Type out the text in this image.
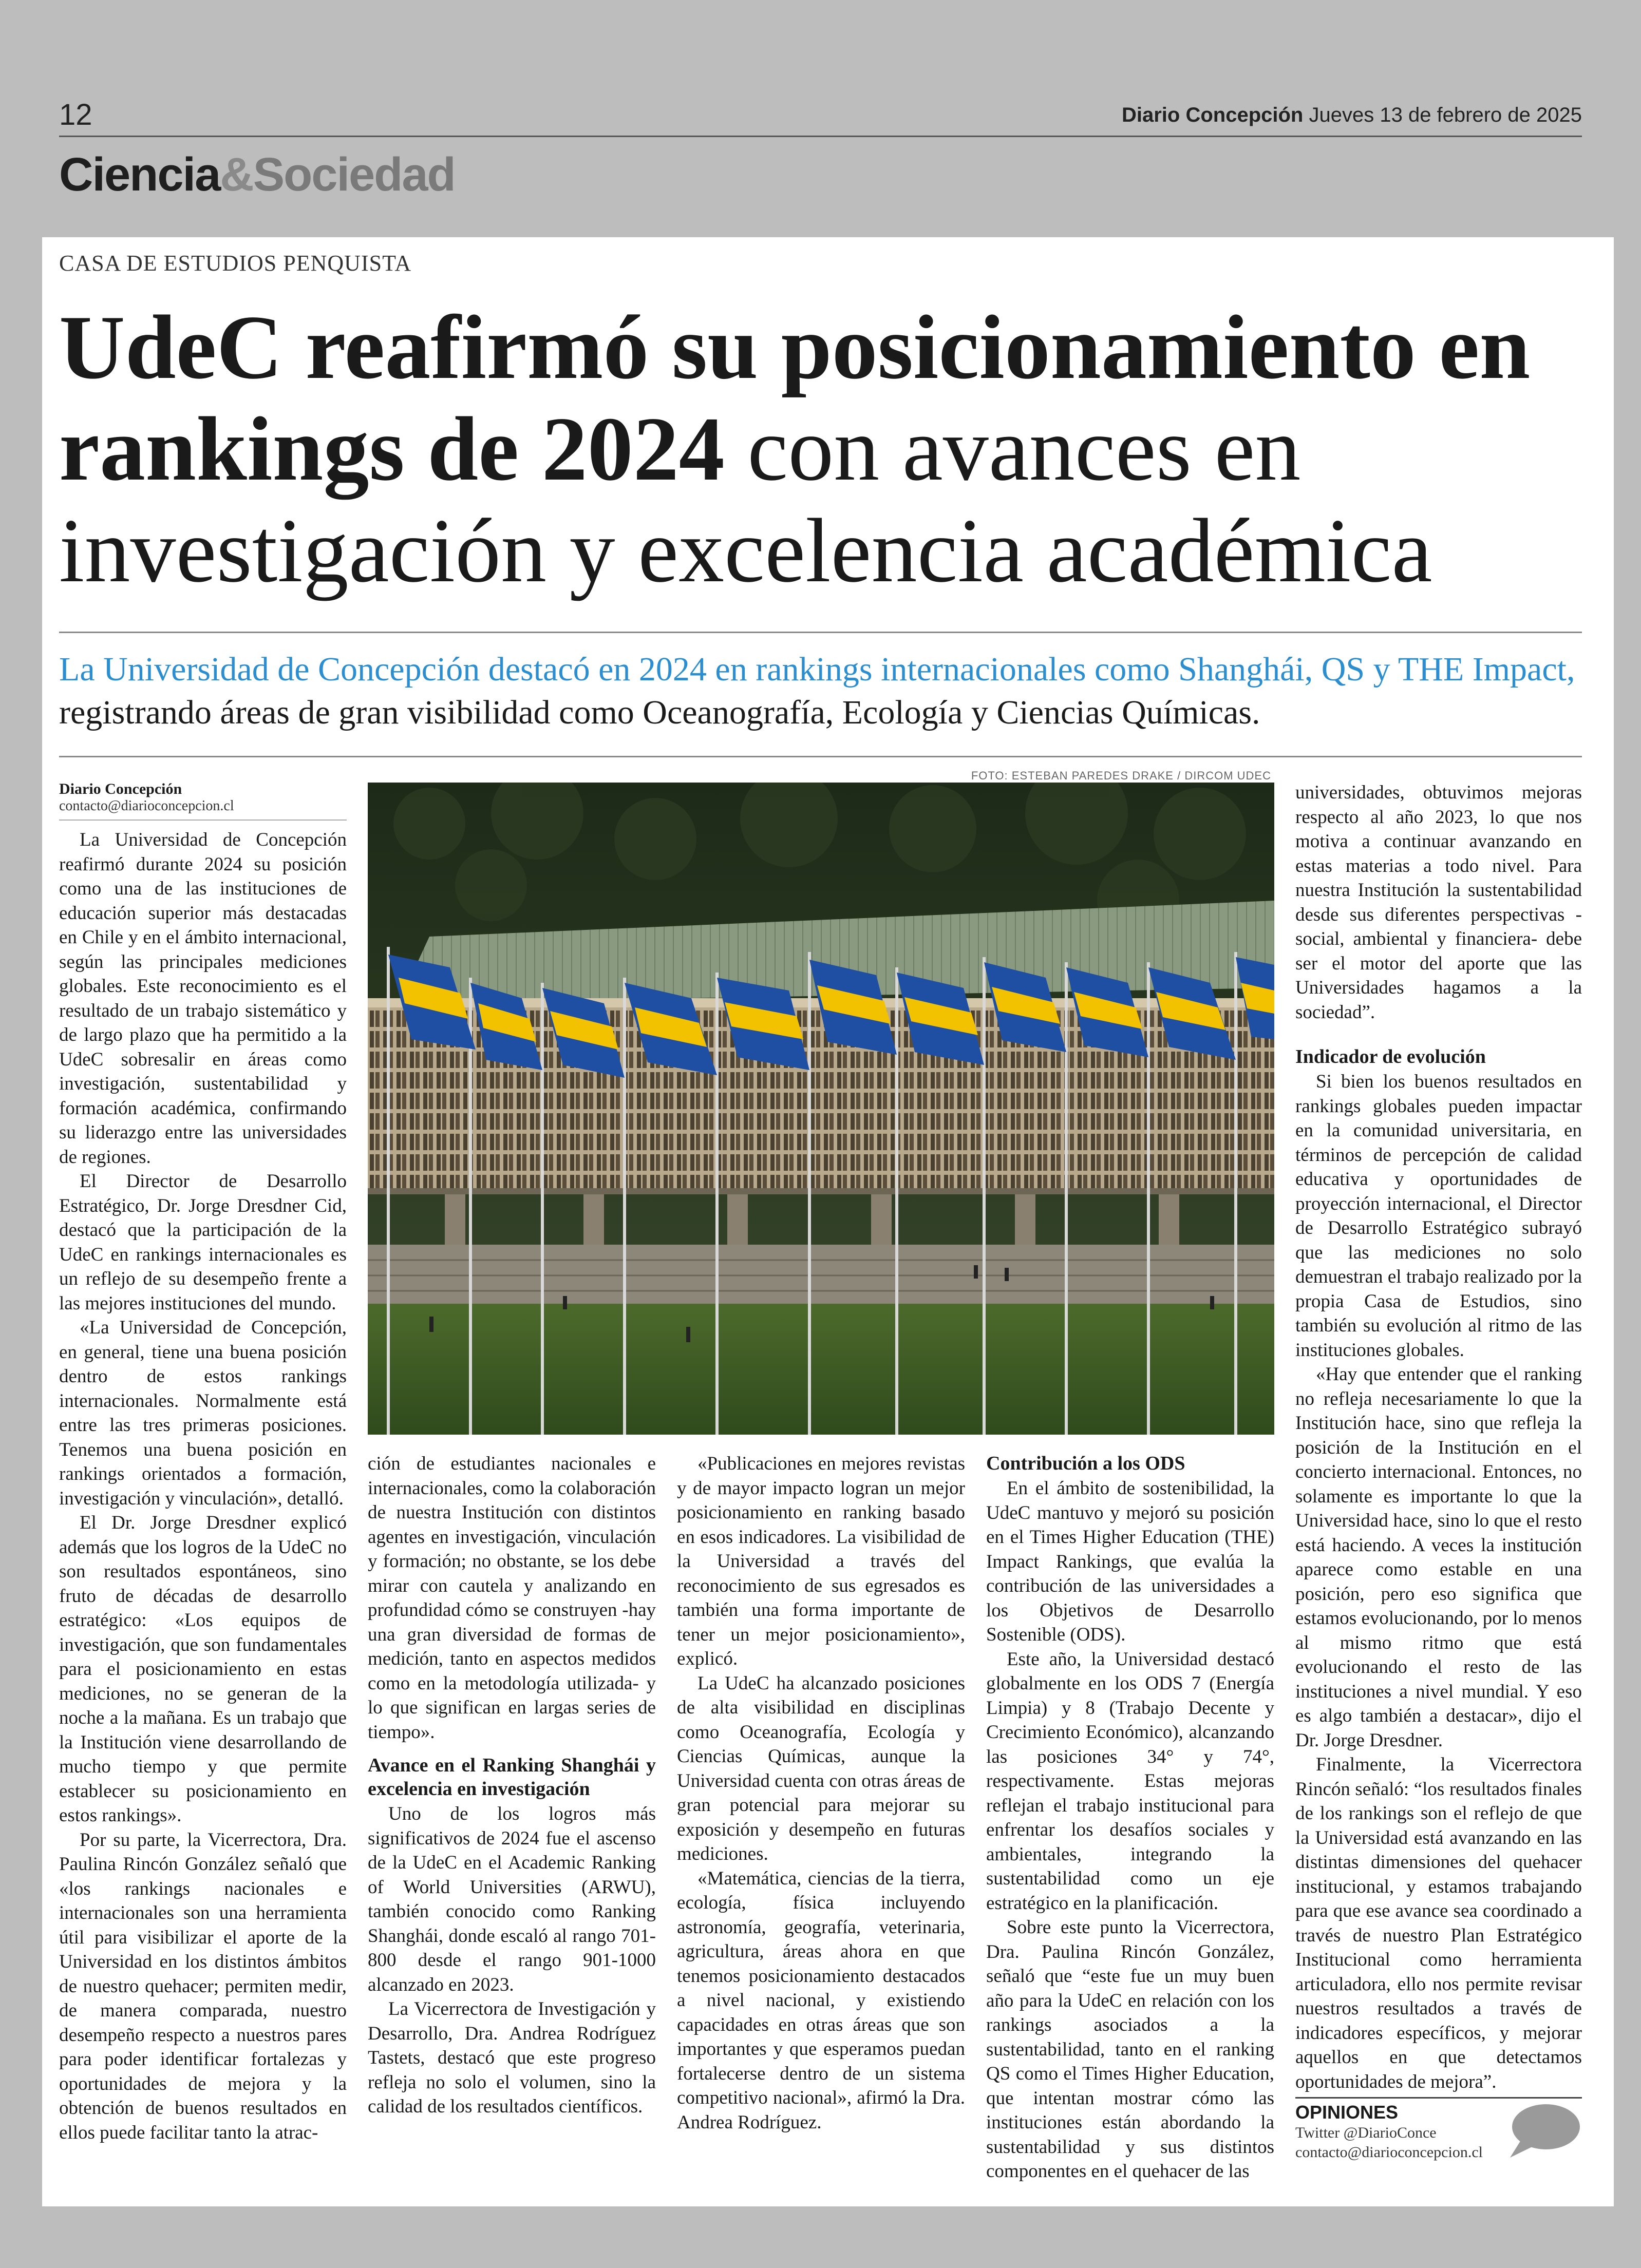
12	Diario Concepción Jueves 13 de febrero de 2025
Ciencia&Sociedad
CASA DE ESTUDIOS PENQUISTA
UdeC reafirmó su posicionamiento en rankings de 2024 con avances en investigación y excelencia académica
La Universidad de Concepción destacó en 2024 en rankings internacionales como Shanghái, QS y THE Impact, registrando áreas de gran visibilidad como Oceanografía, Ecología y Ciencias Químicas.
Diario Concepción
contacto@diarioconcepcion.cl

La Universidad de Concepción reafirmó durante 2024 su posición como una de las instituciones de educación superior más destacadas en Chile y en el ámbito internacional, según las principales mediciones globales. Este reconocimiento es el resultado de un trabajo sistemático y de largo plazo que ha permitido a la UdeC sobresalir en áreas como investigación, sustentabilidad y formación académica, confirmando su liderazgo entre las universidades de regiones.

El Director de Desarrollo Estratégico, Dr. Jorge Dresdner Cid, destacó que la participación de la UdeC en rankings internacionales es un reflejo de su desempeño frente a las mejores instituciones del mundo.

«La Universidad de Concepción, en general, tiene una buena posición dentro de estos rankings internacionales. Normalmente está entre las tres primeras posiciones. Tenemos una buena posición en rankings orientados a formación, investigación y vinculación», detalló.

El Dr. Jorge Dresdner explicó además que los logros de la UdeC no son resultados espontáneos, sino fruto de décadas de desarrollo estratégico: «Los equipos de investigación, que son fundamentales para el posicionamiento en estas mediciones, no se generan de la noche a la mañana. Es un trabajo que la Institución viene desarrollando de mucho tiempo y que permite establecer su posicionamiento en estos rankings».

Por su parte, la Vicerrectora, Dra. Paulina Rincón González señaló que «los rankings nacionales e internacionales son una herramienta útil para visibilizar el aporte de la Universidad en los distintos ámbitos de nuestro quehacer; permiten medir, de manera comparada, nuestro desempeño respecto a nuestros pares para poder identificar fortalezas y oportunidades de mejora y la obtención de buenos resultados en ellos puede facilitar tanto la atrac-

FOTO: ESTEBAN PAREDES DRAKE / DIRCOM UDEC

ción de estudiantes nacionales e internacionales, como la colaboración de nuestra Institución con distintos agentes en investigación, vinculación y formación; no obstante, se los debe mirar con cautela y analizando en profundidad cómo se construyen -hay una gran diversidad de formas de medición, tanto en aspectos medidos como en la metodología utilizada- y lo que significan en largas series de tiempo».

Avance en el Ranking Shanghái y excelencia en investigación

Uno de los logros más significativos de 2024 fue el ascenso de la UdeC en el Academic Ranking of World Universities (ARWU), también conocido como Ranking Shanghái, donde escaló al rango 701-800 desde el rango 901-1000 alcanzado en 2023.

La Vicerrectora de Investigación y Desarrollo, Dra. Andrea Rodríguez Tastets, destacó que este progreso refleja no solo el volumen, sino la calidad de los resultados científicos.

«Publicaciones en mejores revistas y de mayor impacto logran un mejor posicionamiento en ranking basado en esos indicadores. La visibilidad de la Universidad a través del reconocimiento de sus egresados es también una forma importante de tener un mejor posicionamiento», explicó.

La UdeC ha alcanzado posiciones de alta visibilidad en disciplinas como Oceanografía, Ecología y Ciencias Químicas, aunque la Universidad cuenta con otras áreas de gran potencial para mejorar su exposición y desempeño en futuras mediciones.

«Matemática, ciencias de la tierra, ecología, física incluyendo astronomía, geografía, veterinaria, agricultura, áreas ahora en que tenemos posicionamiento destacados a nivel nacional, y existiendo capacidades en otras áreas que son importantes y que esperamos puedan fortalecerse dentro de un sistema competitivo nacional», afirmó la Dra. Andrea Rodríguez.

Contribución a los ODS

En el ámbito de sostenibilidad, la UdeC mantuvo y mejoró su posición en el Times Higher Education (THE) Impact Rankings, que evalúa la contribución de las universidades a los Objetivos de Desarrollo Sostenible (ODS).

Este año, la Universidad destacó globalmente en los ODS 7 (Energía Limpia) y 8 (Trabajo Decente y Crecimiento Económico), alcanzando las posiciones 34° y 74°, respectivamente. Estas mejoras reflejan el trabajo institucional para enfrentar los desafíos sociales y ambientales, integrando la sustentabilidad como un eje estratégico en la planificación.

Sobre este punto la Vicerrectora, Dra. Paulina Rincón González, señaló que “este fue un muy buen año para la UdeC en relación con los rankings asociados a la sustentabilidad, tanto en el ranking QS como el Times Higher Education, que intentan mostrar cómo las instituciones están abordando la sustentabilidad y sus distintos componentes en el quehacer de las

universidades, obtuvimos mejoras respecto al año 2023, lo que nos motiva a continuar avanzando en estas materias a todo nivel. Para nuestra Institución la sustentabilidad desde sus diferentes perspectivas -social, ambiental y financiera- debe ser el motor del aporte que las Universidades hagamos a la sociedad”.

Indicador de evolución

Si bien los buenos resultados en rankings globales pueden impactar en la comunidad universitaria, en términos de percepción de calidad educativa y oportunidades de proyección internacional, el Director de Desarrollo Estratégico subrayó que las mediciones no solo demuestran el trabajo realizado por la propia Casa de Estudios, sino también su evolución al ritmo de las instituciones globales.

«Hay que entender que el ranking no refleja necesariamente lo que la Institución hace, sino que refleja la posición de la Institución en el concierto internacional. Entonces, no solamente es importante lo que la Universidad hace, sino lo que el resto está haciendo. A veces la institución aparece como estable en una posición, pero eso significa que estamos evolucionando, por lo menos al mismo ritmo que está evolucionando el resto de las instituciones a nivel mundial. Y eso es algo también a destacar», dijo el Dr. Jorge Dresdner.

Finalmente, la Vicerrectora Rincón señaló: “los resultados finales de los rankings son el reflejo de que la Universidad está avanzando en las distintas dimensiones del quehacer institucional, y estamos trabajando para que ese avance sea coordinado a través de nuestro Plan Estratégico Institucional como herramienta articuladora, ello nos permite revisar nuestros resultados a través de indicadores específicos, y mejorar aquellos en que detectamos oportunidades de mejora”.

OPINIONES
Twitter @DiarioConce
contacto@diarioconcepcion.cl
